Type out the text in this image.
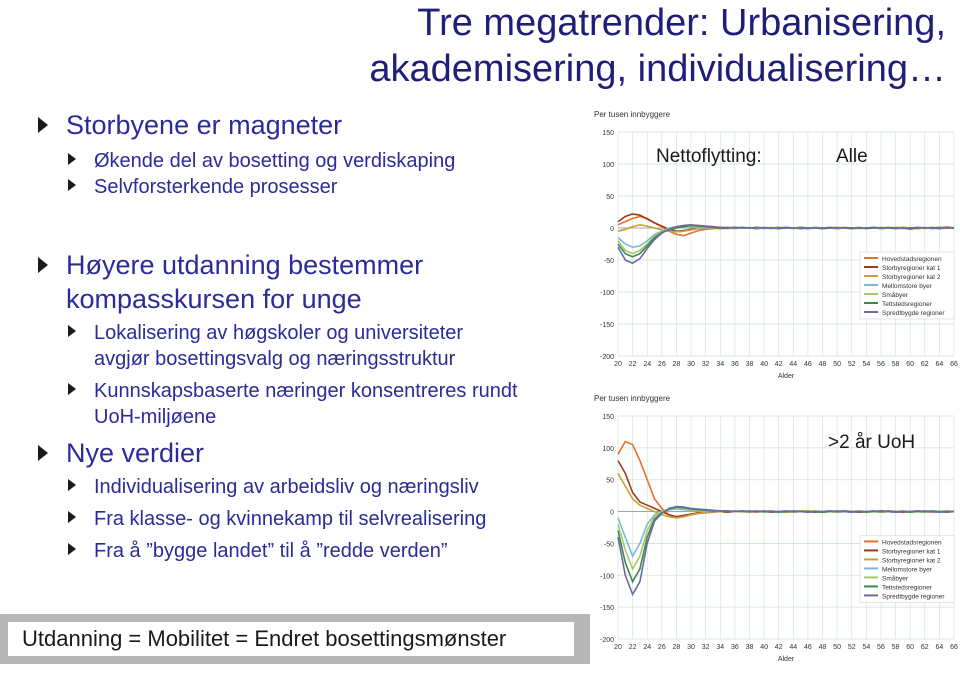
Tre megatrender: Urbanisering,
akademisering, individualisering…
Storbyene er magneter
Økende del av bosetting og verdiskaping
Selvforsterkende prosesser
Høyere utdanning bestemmer kompasskursen for unge
Lokalisering av høgskoler og universiteter avgjør bosettingsvalg og næringsstruktur
Kunnskapsbaserte næringer konsentreres rundt UoH-miljøene
Nye verdier
Individualisering av arbeidsliv og næringsliv
Fra klasse- og kvinnekamp til selvrealisering
Fra å ”bygge landet” til å ”redde verden”
Utdanning = Mobilitet = Endret bosettingsmønster
Per tusen innbyggere
150
100
50
0
-50
-100
-150
-200
20 22 24 26 28 30 32 34 36 38 40 42 44 46 48 50 52 54 56 58 60 62 64 66
Alder
Hovedstadsregionen
Storbyregioner kat 1
Storbyregioner kat 2
Mellomstore byer
Småbyer
Tettstedsregioner
Spredtbygde regioner
Nettoflytting:	Alle
Per tusen innbyggere
150
100
50
0
-50
-100
-150
-200
20 22 24 26 28 30 32 34 36 38 40 42 44 46 48 50 52 54 56 58 60 62 64 66
Alder
Hovedstadsregionen
Storbyregioner kat 1
Storbyregioner kat 2
Mellomstore byer
Småbyer
Tettstedsregioner
Spredtbygde regioner
>2 år UoH
